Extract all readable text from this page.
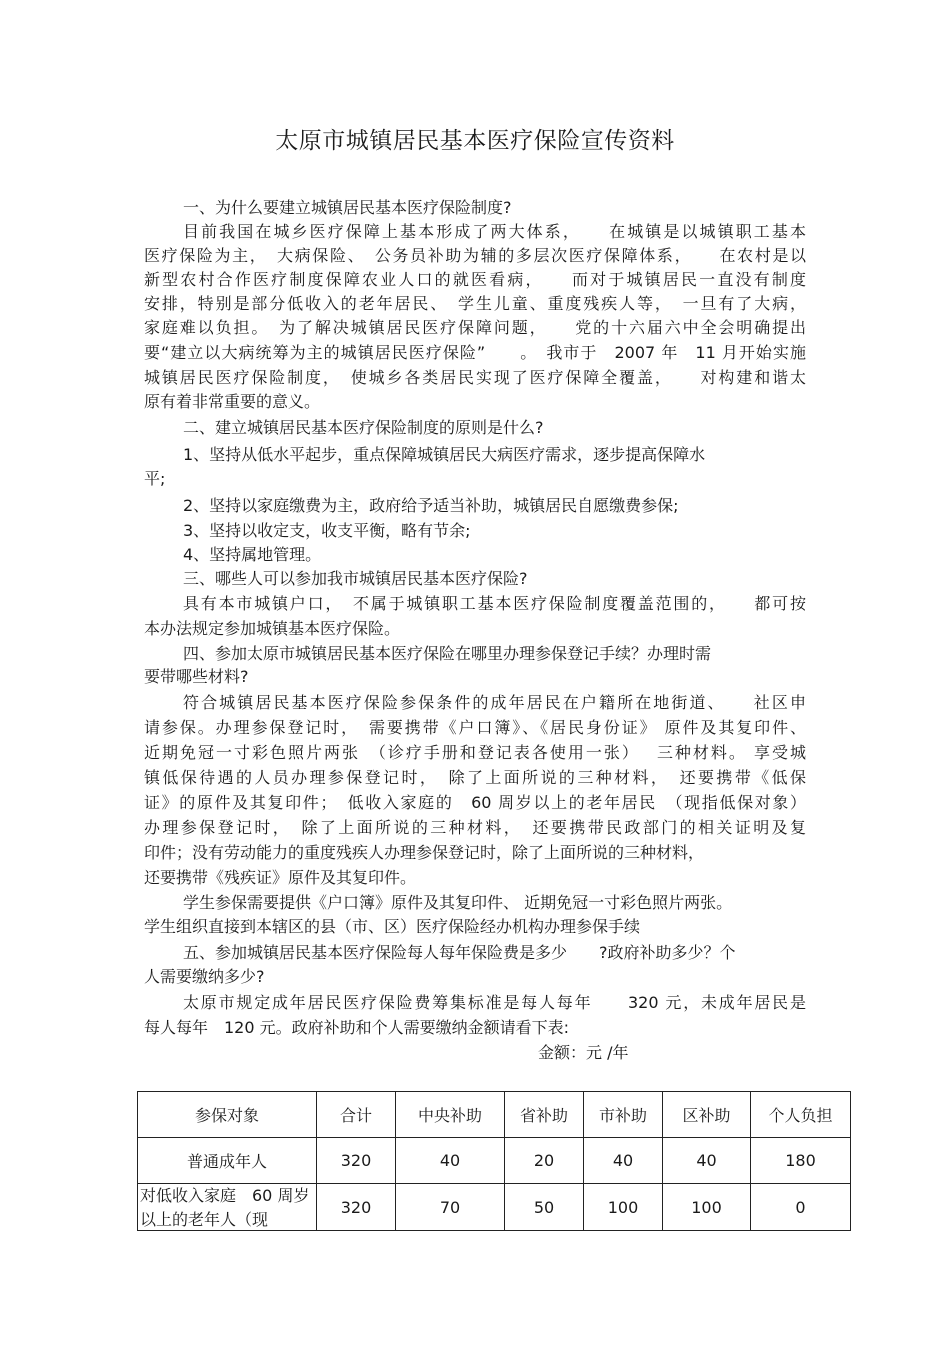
太原市城镇居民基本医疗保险宣传资料
一、为什么要建立城镇居民基本医疗保险制度?
目前我国在城乡医疗保障上基本形成了两大体系，　　在城镇是以城镇职工基本
医疗保险为主，　大病保险、　公务员补助为辅的多层次医疗保障体系，　　在农村是以
新型农村合作医疗制度保障农业人口的就医看病，　　而对于城镇居民一直没有制度
安排，特别是部分低收入的老年居民、　学生儿童、重度残疾人等，　一旦有了大病，
家庭难以负担。　为了解决城镇居民医疗保障问题，　　党的十六届六中全会明确提出
要“建立以大病统筹为主的城镇居民医疗保险”　　。　我市于　2007 年　11 月开始实施
城镇居民医疗保险制度，　使城乡各类居民实现了医疗保障全覆盖，　　对构建和谐太
原有着非常重要的意义。
二、建立城镇居民基本医疗保险制度的原则是什么?
1、坚持从低水平起步，重点保障城镇居民大病医疗需求，逐步提高保障水
平;
2、坚持以家庭缴费为主，政府给予适当补助，城镇居民自愿缴费参保;
3、坚持以收定支，收支平衡，略有节余;
4、坚持属地管理。
三、哪些人可以参加我市城镇居民基本医疗保险?
具有本市城镇户口，　不属于城镇职工基本医疗保险制度覆盖范围的，　　都可按
本办法规定参加城镇基本医疗保险。
四、参加太原市城镇居民基本医疗保险在哪里办理参保登记手续？办理时需
要带哪些材料?
符合城镇居民基本医疗保险参保条件的成年居民在户籍所在地街道、　　社区申
请参保。办理参保登记时，　需要携带《户口簿》、《居民身份证》 原件及其复印件、
近期免冠一寸彩色照片两张　（诊疗手册和登记表各使用一张）　 三种材料。 享受城
镇低保待遇的人员办理参保登记时，　除了上面所说的三种材料，　还要携带《低保
证》的原件及其复印件；　低收入家庭的　60 周岁以上的老年居民　（现指低保对象）
办理参保登记时，　除了上面所说的三种材料，　还要携带民政部门的相关证明及复
印件；没有劳动能力的重度残疾人办理参保登记时，除了上面所说的三种材料，
还要携带《残疾证》原件及其复印件。
学生参保需要提供《户口簿》原件及其复印件、 近期免冠一寸彩色照片两张。
学生组织直接到本辖区的县（市、区）医疗保险经办机构办理参保手续
五、参加城镇居民基本医疗保险每人每年保险费是多少　　?政府补助多少？个
人需要缴纳多少?
太原市规定成年居民医疗保险费筹集标准是每人每年　　320 元，未成年居民是
每人每年　120 元。政府补助和个人需要缴纳金额请看下表:
金额：元 /年
参保对象	合计	中央补助	省补助	市补助	区补助	个人负担
普通成年人	320	40	20	40	40	180

对低收入家庭　60 周岁以上的老年人（现	320	70	50	100	100	0
